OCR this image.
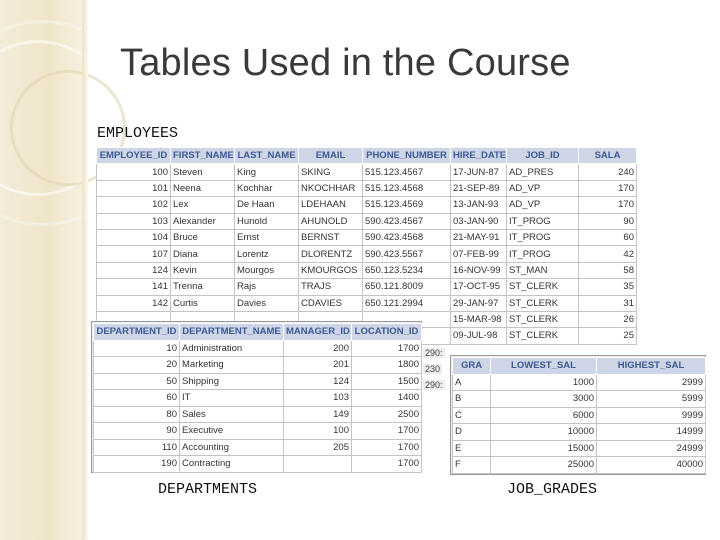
Tables Used in the Course
EMPLOYEES
EMPLOYEE_ID	FIRST_NAME	LAST_NAME	EMAIL	PHONE_NUMBER	HIRE_DATE	JOB_ID	SALA
100	Steven	King	SKING	515.123.4567	17-JUN-87	AD_PRES	240
101	Neena	Kochhar	NKOCHHAR	515.123.4568	21-SEP-89	AD_VP	170
102	Lex	De Haan	LDEHAAN	515.123.4569	13-JAN-93	AD_VP	170
103	Alexander	Hunold	AHUNOLD	590.423.4567	03-JAN-90	IT_PROG	90
104	Bruce	Ernst	BERNST	590.423.4568	21-MAY-91	IT_PROG	60
107	Diana	Lorentz	DLORENTZ	590.423.5567	07-FEB-99	IT_PROG	42
124	Kevin	Mourgos	KMOURGOS	650.123.5234	16-NOV-99	ST_MAN	58
141	Trenna	Rajs	TRAJS	650.121.8009	17-OCT-95	ST_CLERK	35
142	Curtis	Davies	CDAVIES	650.121.2994	29-JAN-97	ST_CLERK	31
					15-MAR-98	ST_CLERK	26
					09-JUL-98	ST_CLERK	25
290:
230
290:
DEPARTMENT_ID	DEPARTMENT_NAME	MANAGER_ID	LOCATION_ID
10	Administration	200	1700
20	Marketing	201	1800
50	Shipping	124	1500
60	IT	103	1400
80	Sales	149	2500
90	Executive	100	1700
110	Accounting	205	1700
190	Contracting		1700
GRA	LOWEST_SAL	HIGHEST_SAL
A	1000	2999
B	3000	5999
C	6000	9999
D	10000	14999
E	15000	24999
F	25000	40000
DEPARTMENTS	JOB_GRADES
